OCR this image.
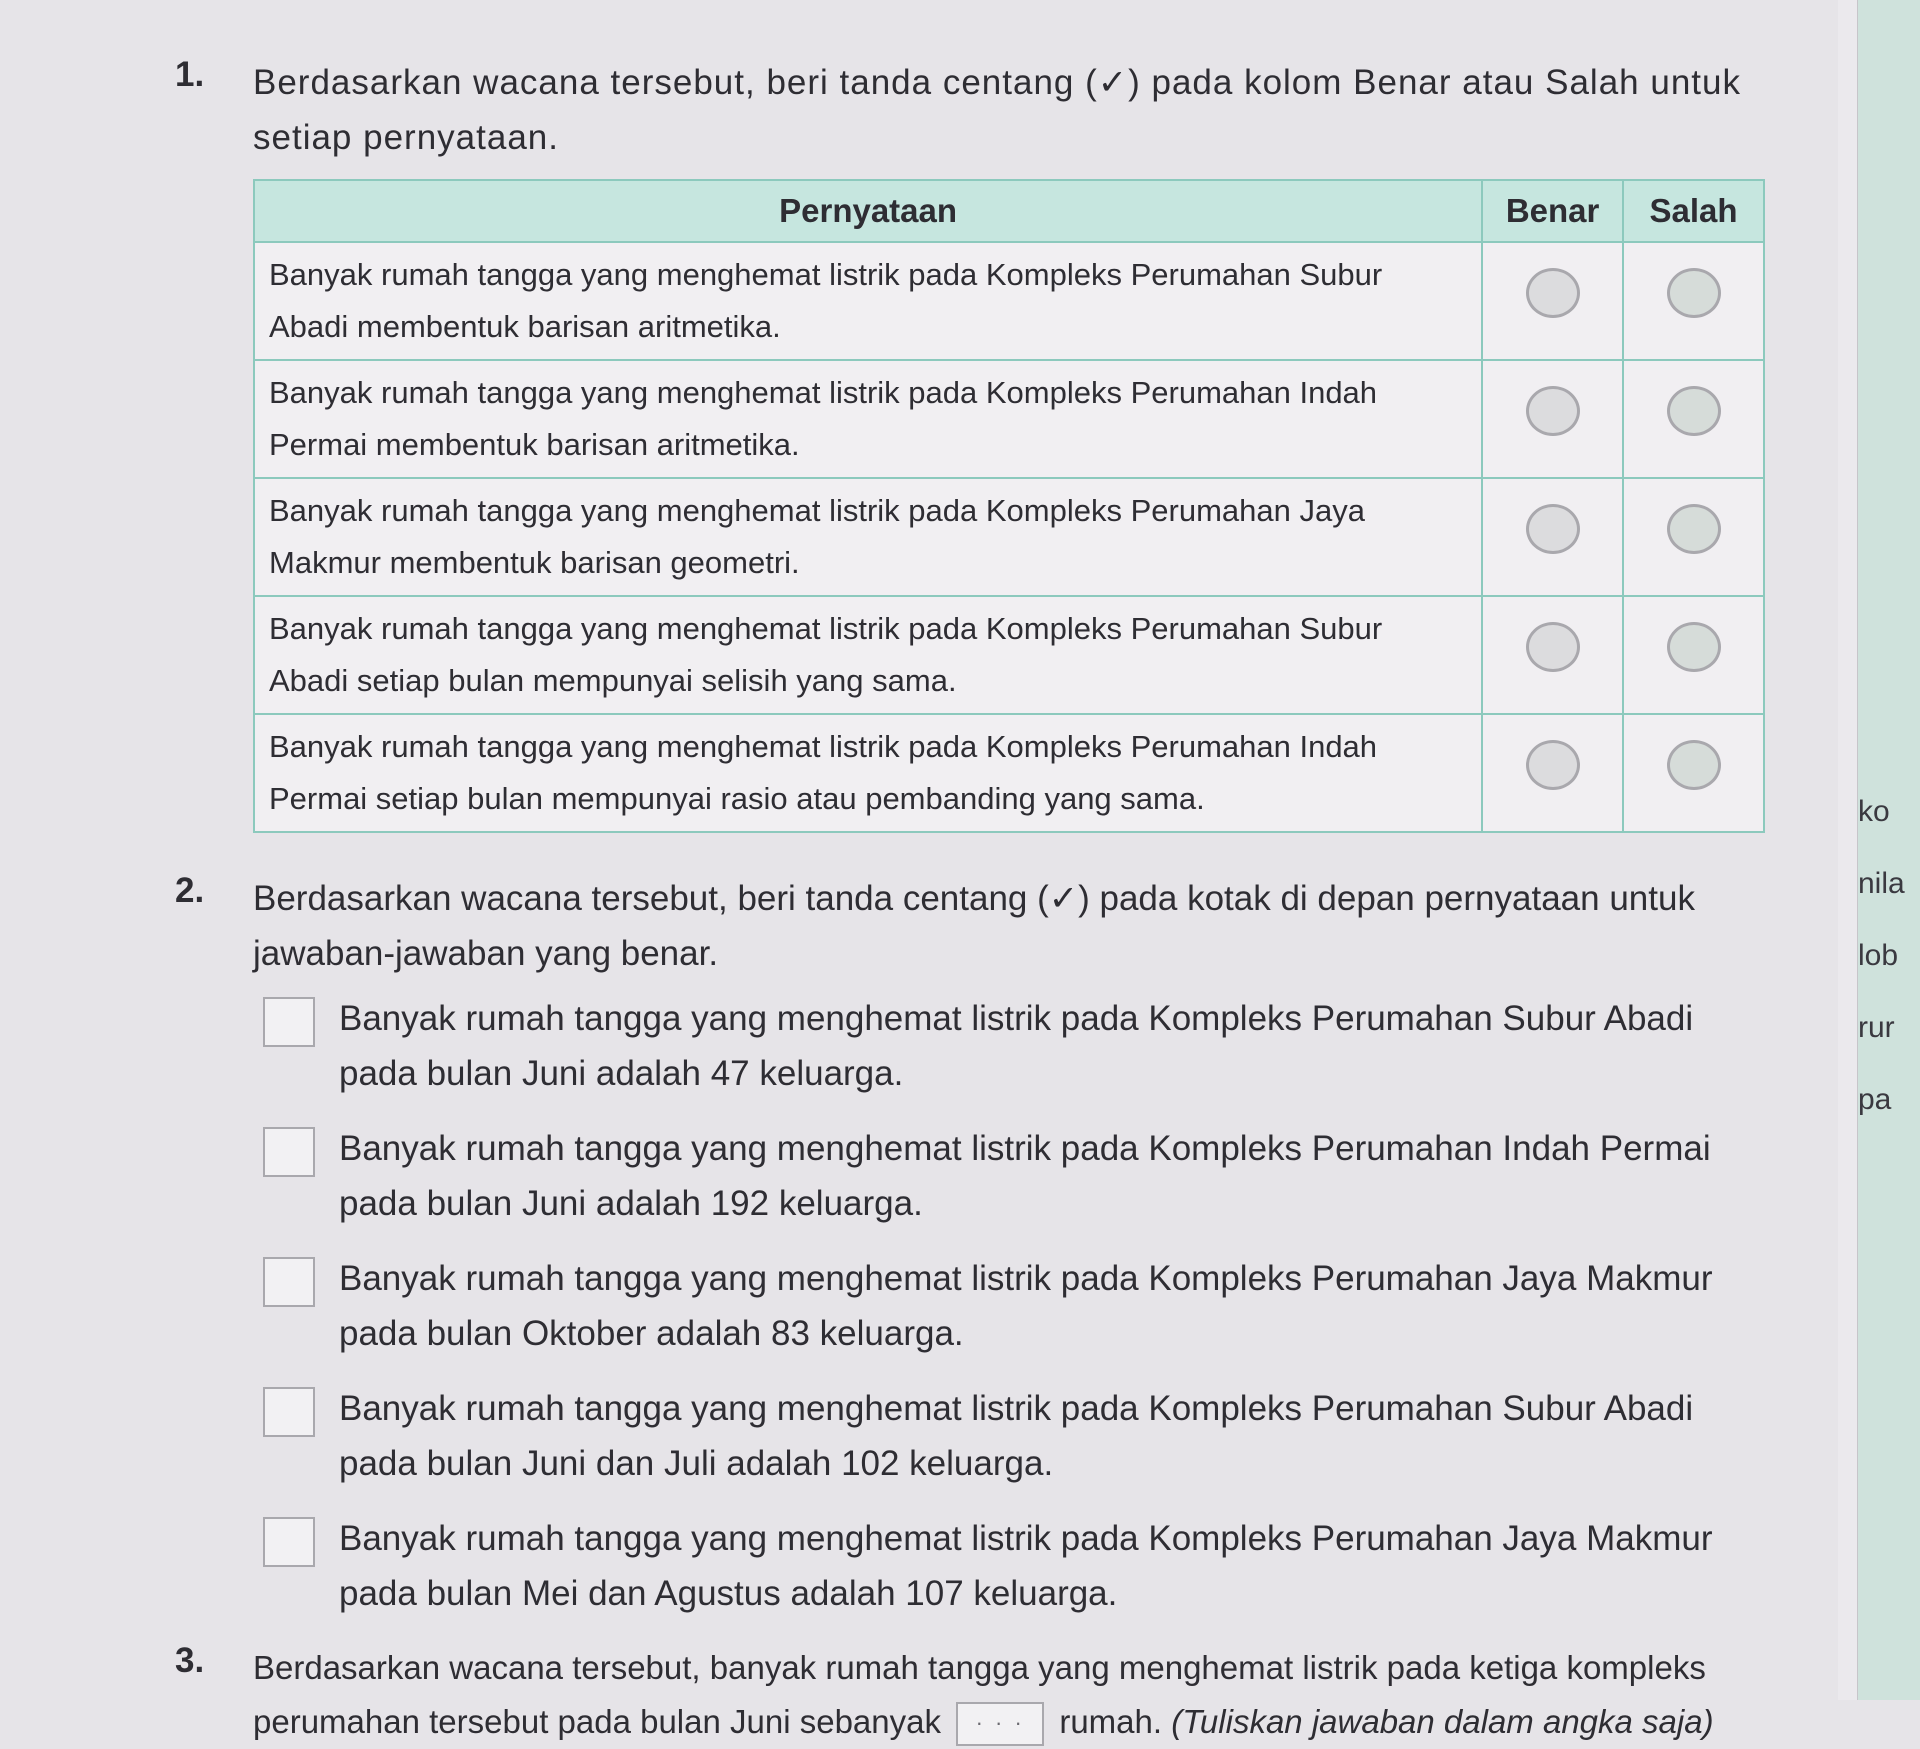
ko
nila
lob
rur
pa
1.	Berdasarkan wacana tersebut, beri tanda centang (✓) pada kolom Benar atau Salah untuk setiap pernyataan.
Pernyataan	Benar	Salah
Banyak rumah tangga yang menghemat listrik pada Kompleks Perumahan Subur Abadi membentuk barisan aritmetika.		
Banyak rumah tangga yang menghemat listrik pada Kompleks Perumahan Indah Permai membentuk barisan aritmetika.		
Banyak rumah tangga yang menghemat listrik pada Kompleks Perumahan Jaya Makmur membentuk barisan geometri.		
Banyak rumah tangga yang menghemat listrik pada Kompleks Perumahan Subur Abadi setiap bulan mempunyai selisih yang sama.		
Banyak rumah tangga yang menghemat listrik pada Kompleks Perumahan Indah Permai setiap bulan mempunyai rasio atau pembanding yang sama.		
2.	Berdasarkan wacana tersebut, beri tanda centang (✓) pada kotak di depan pernyataan untuk jawaban-jawaban yang benar.
Banyak rumah tangga yang menghemat listrik pada Kompleks Perumahan Subur Abadi pada bulan Juni adalah 47 keluarga.
Banyak rumah tangga yang menghemat listrik pada Kompleks Perumahan Indah Permai pada bulan Juni adalah 192 keluarga.
Banyak rumah tangga yang menghemat listrik pada Kompleks Perumahan Jaya Makmur pada bulan Oktober adalah 83 keluarga.
Banyak rumah tangga yang menghemat listrik pada Kompleks Perumahan Subur Abadi pada bulan Juni dan Juli adalah 102 keluarga.
Banyak rumah tangga yang menghemat listrik pada Kompleks Perumahan Jaya Makmur pada bulan Mei dan Agustus adalah 107 keluarga.
3.	Berdasarkan wacana tersebut, banyak rumah tangga yang menghemat listrik pada ketiga kompleks perumahan tersebut pada bulan Juni sebanyak · · · rumah. (Tuliskan jawaban dalam angka saja)
